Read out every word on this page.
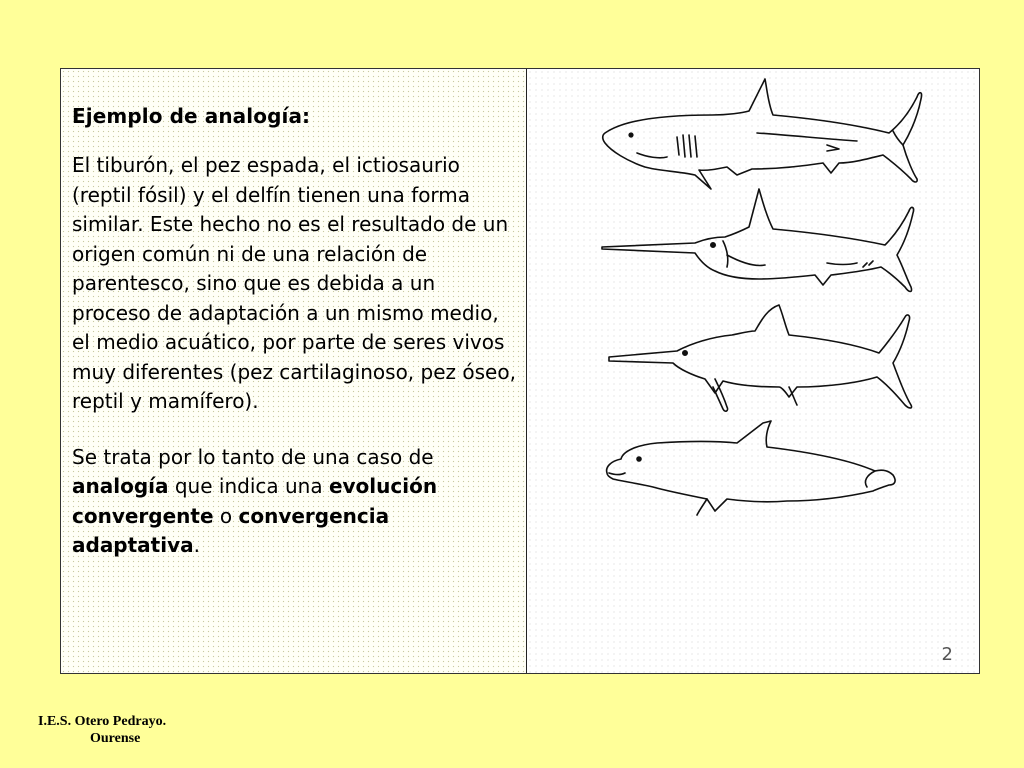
Ejemplo de analogía:

El tiburón, el pez espada, el ictiosaurio (reptil fósil) y el delfín tienen una forma similar. Este hecho no es el resultado de un origen común ni de una relación de parentesco, sino que es debida a un proceso de adaptación a un mismo medio, el medio acuático, por parte de seres vivos muy diferentes (pez cartilaginoso, pez óseo, reptil y mamífero).

Se trata por lo tanto de una caso de analogía que indica una evolución convergente o convergencia adaptativa.

2
I.E.S. Otero Pedrayo.
Ourense
